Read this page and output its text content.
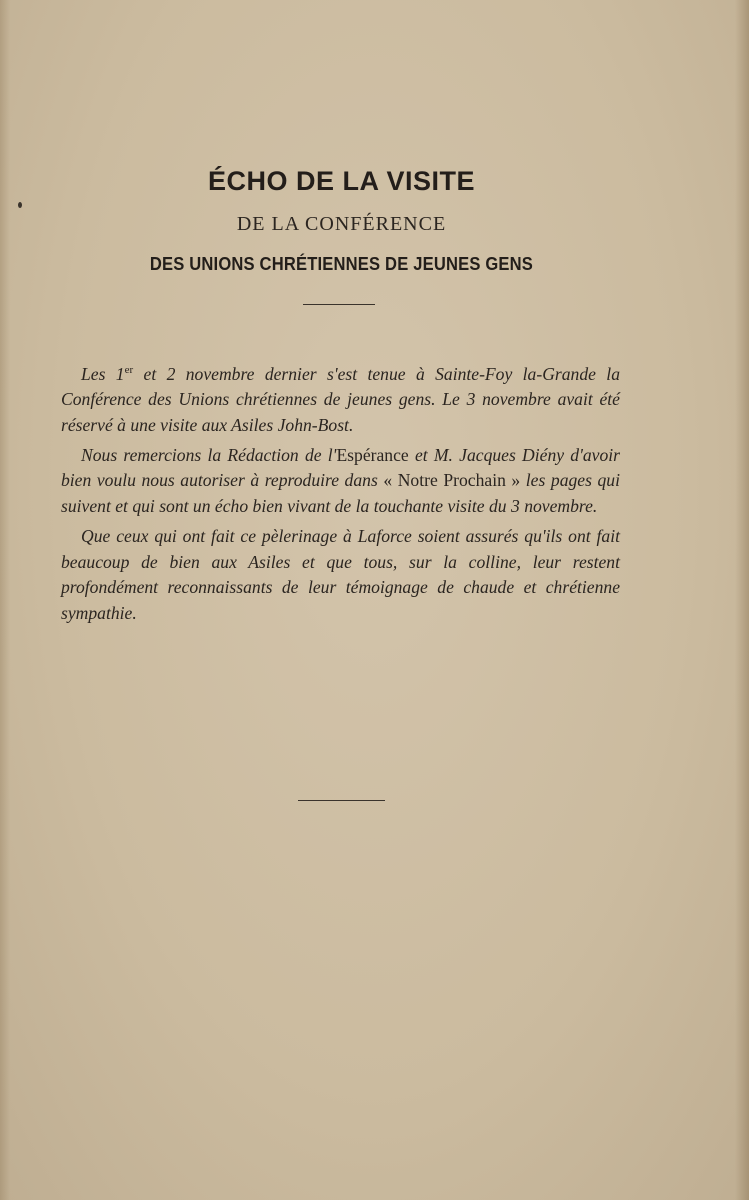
ÉCHO DE LA VISITE
DE LA CONFÉRENCE
DES UNIONS CHRÉTIENNES DE JEUNES GENS

Les 1er et 2 novembre dernier s'est tenue à Sainte-Foy la-Grande la Conférence des Unions chrétiennes de jeunes gens. Le 3 novembre avait été réservé à une visite aux Asiles John-Bost.

Nous remercions la Rédaction de l'Espérance et M. Jacques Diény d'avoir bien voulu nous autoriser à reproduire dans « Notre Prochain » les pages qui suivent et qui sont un écho bien vivant de la touchante visite du 3 novembre.

Que ceux qui ont fait ce pèlerinage à Laforce soient assurés qu'ils ont fait beaucoup de bien aux Asiles et que tous, sur la colline, leur restent profondément reconnaissants de leur témoignage de chaude et chrétienne sympathie.
